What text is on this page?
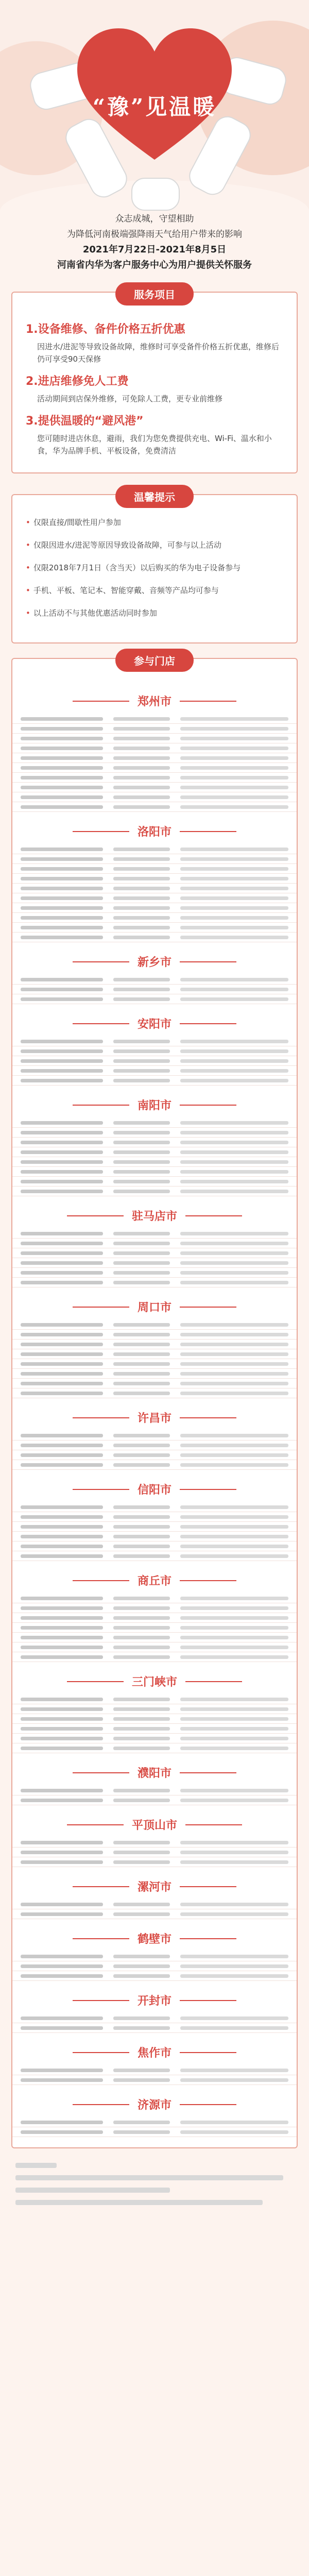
“豫”见温暖

众志成城，守望相助

为降低河南极端强降雨天气给用户带来的影响

2021年7月22日-2021年8月5日

河南省内华为客户服务中心为用户提供关怀服务

服务项目
1.设备维修、备件价格五折优惠

因进水/进泥等导致设备故障，维修时可享受备件价格五折优惠，维修后仍可享受90天保修

2.进店维修免人工费

活动期间到店保外维修，可免除人工费，更专业前维修

3.提供温暖的“避风港”

您可随时进店休息，避雨，我们为您免费提供充电、Wi-Fi、温水和小食，华为品牌手机、平板设备，免费清洁

温馨提示
• 仅限直接/間歇性用户参加
• 仅限因进水/进泥等原因导致设备故障，可参与以上活动
• 仅限2018年7月1日（含当天）以后购买的华为电子设备参与
• 手机、平板、笔记本、智能穿戴、音频等产品均可参与
• 以上活动不与其他优惠活动同时参加
参与门店
郑州市
洛阳市
新乡市
安阳市
南阳市
驻马店市
周口市
许昌市
信阳市
商丘市
三门峡市
濮阳市
平顶山市
漯河市
鹤壁市
开封市
焦作市
济源市
